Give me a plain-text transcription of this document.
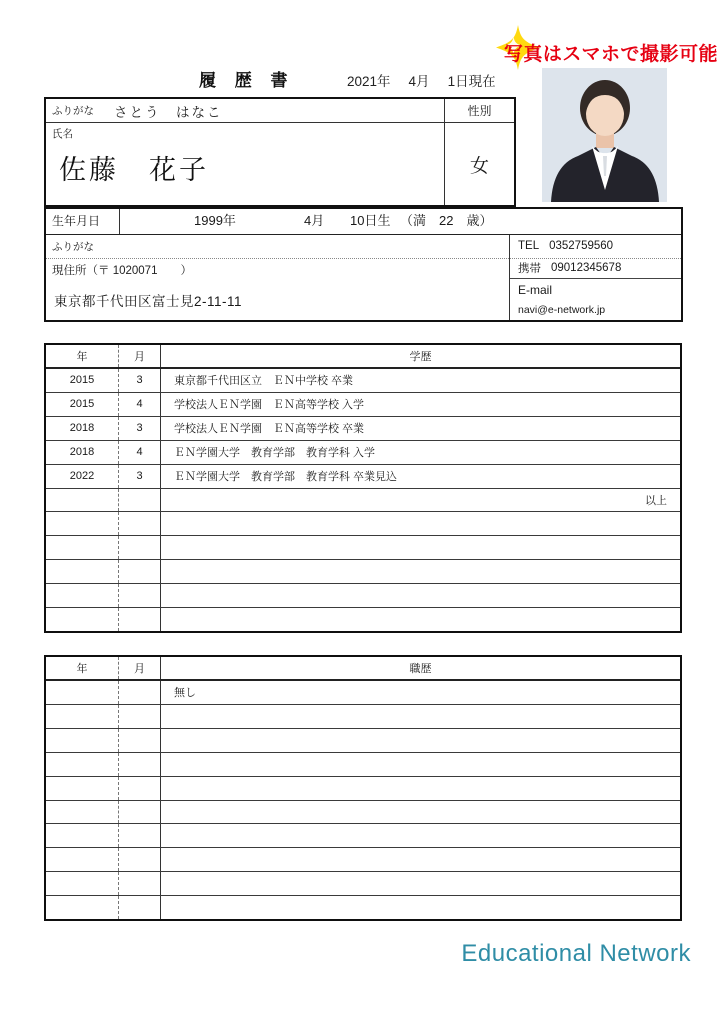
写真はスマホで撮影可能
履 歴 書	2021年 4月 1日現在
ふりがな さとう　はなこ
氏名
佐藤　花子
性別
女
生年月日	1999年	4月 10日生 （満　22　歳）
ふりがな
現住所（〒 1020071　　）
東京都千代田区富士見2-11-11
TEL 0352759560
携帯 09012345678
E-mail
navi@e-network.jp
年	月	学歴
2015	3	東京都千代田区立　ＥＮ中学校 卒業
2015	4	学校法人ＥＮ学園　ＥＮ高等学校 入学
2018	3	学校法人ＥＮ学園　ＥＮ高等学校 卒業
2018	4	ＥＮ学園大学　教育学部　教育学科 入学
2022	3	ＥＮ学園大学　教育学部　教育学科 卒業見込
以上
年	月	職歴
無し
Educational Network
